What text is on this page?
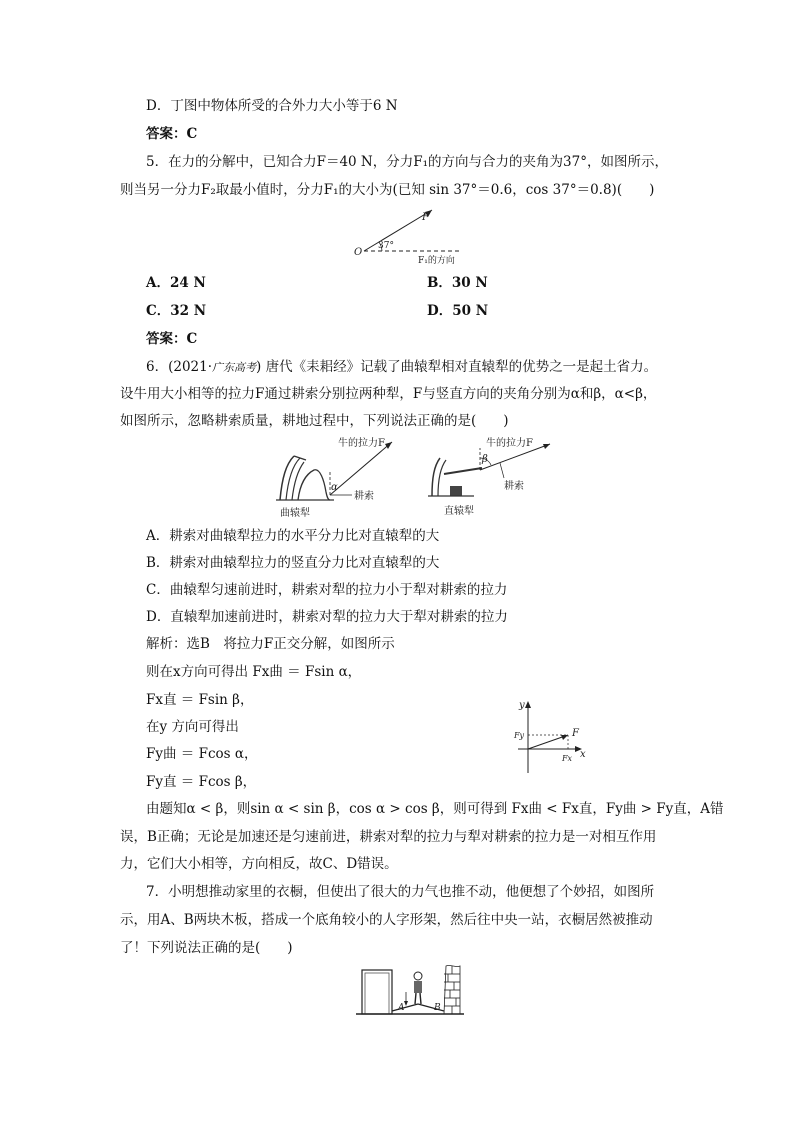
D．丁图中物体所受的合外力大小等于6 N
答案：C
5．在力的分解中，已知合力F＝40 N，分力F₁的方向与合力的夹角为37°，如图所示，
则当另一分力F₂取最小值时，分力F₁的大小为(已知 sin 37°＝0.6，cos 37°＝0.8)(　　)
F
O
37°
F₁的方向
A．24 N	B．30 N
C．32 N	D．50 N
答案：C
6．(2021·广东高考) 唐代《耒耜经》记载了曲辕犁相对直辕犁的优势之一是起土省力。
设牛用大小相等的拉力F通过耕索分别拉两种犁，F与竖直方向的夹角分别为α和β，α<β，
如图所示，忽略耕索质量，耕地过程中，下列说法正确的是(　　)
牛的拉力F
α
耕索
曲辕犁
牛的拉力F
β
耕索
直辕犁
A．耕索对曲辕犁拉力的水平分力比对直辕犁的大
B．耕索对曲辕犁拉力的竖直分力比对直辕犁的大
C．曲辕犁匀速前进时，耕索对犁的拉力小于犁对耕索的拉力
D．直辕犁加速前进时，耕索对犁的拉力大于犁对耕索的拉力
解析：选B　将拉力F正交分解，如图所示
则在x方向可得出 Fx曲 ＝ Fsin α，
Fx直 ＝ Fsin β，
在y 方向可得出
Fy曲 ＝ Fcos α，
Fy直 ＝ Fcos β，
y
x
F
Fy
Fx
由题知α < β，则sin α < sin β，cos α > cos β，则可得到 Fx曲 < Fx直，Fy曲 > Fy直，A错
误，B正确；无论是加速还是匀速前进，耕索对犁的拉力与犁对耕索的拉力是一对相互作用
力，它们大小相等，方向相反，故C、D错误。
7．小明想推动家里的衣橱，但使出了很大的力气也推不动，他便想了个妙招，如图所
示，用A、B两块木板，搭成一个底角较小的人字形架，然后往中央一站，衣橱居然被推动
了！下列说法正确的是(　　)
A	B
